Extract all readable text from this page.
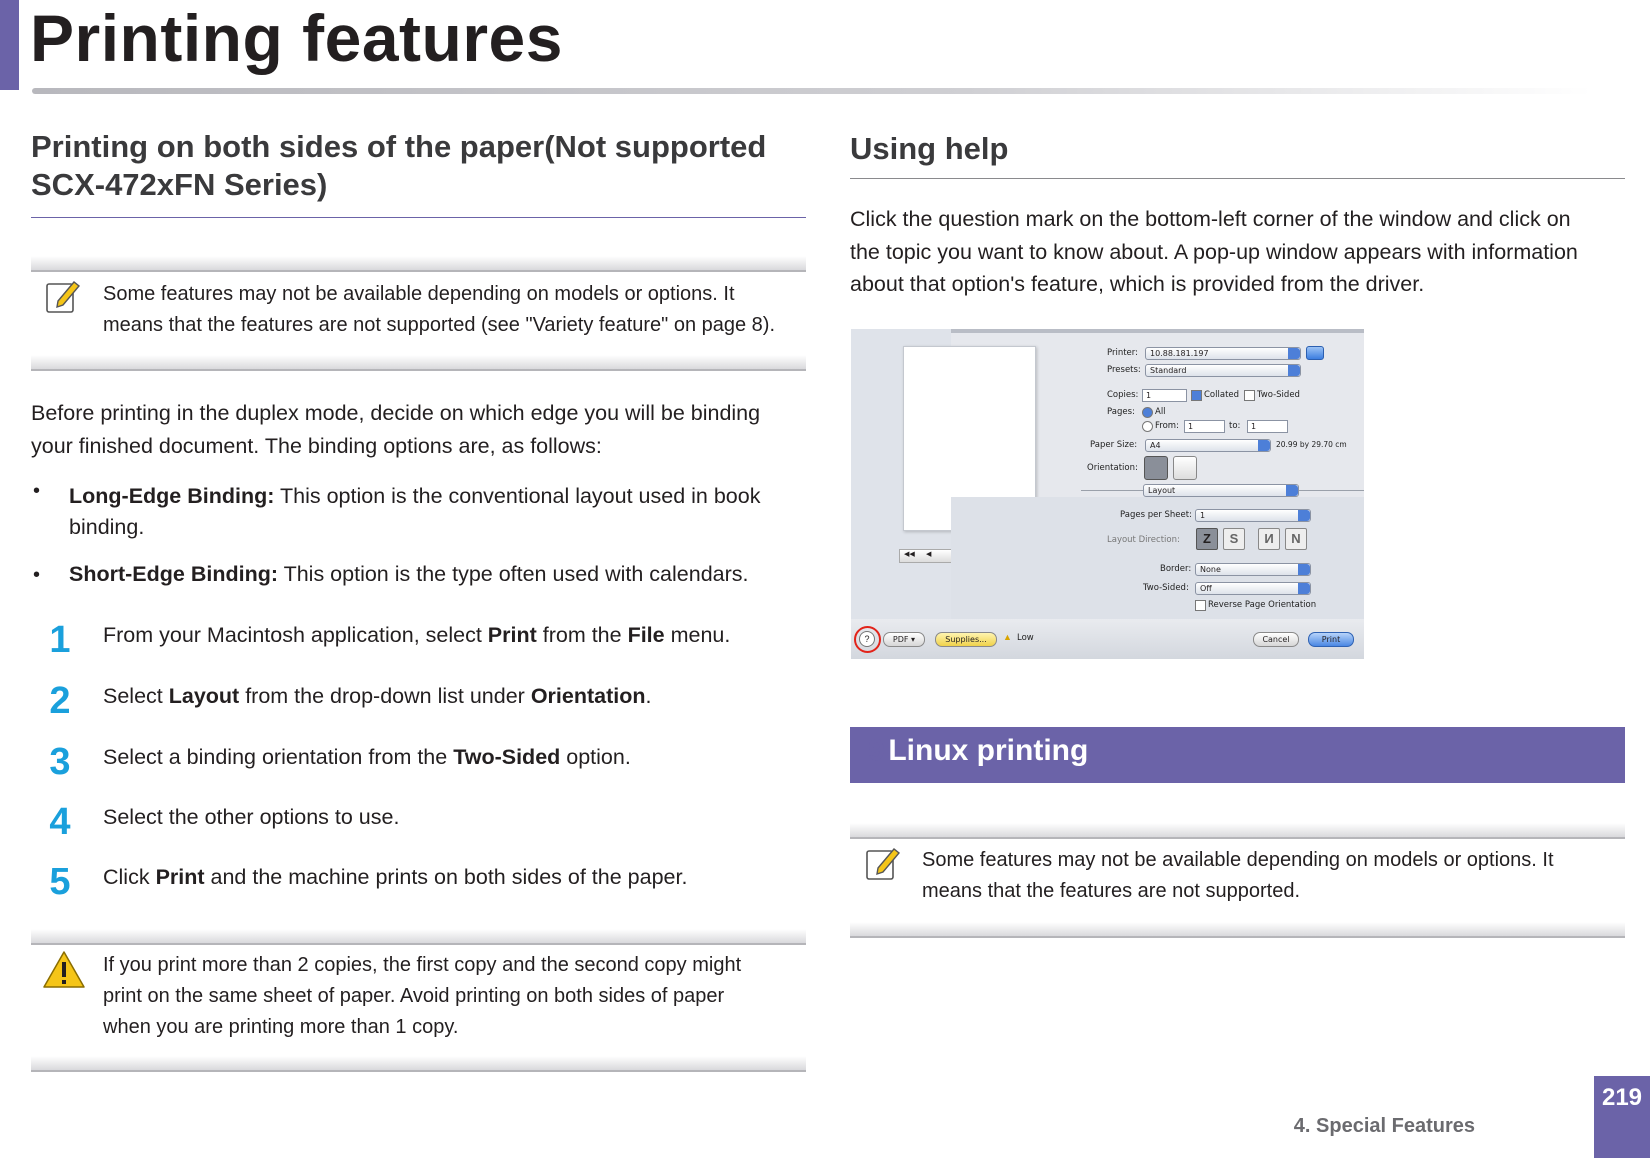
Printing features
Printing on both sides of the paper(Not supported
SCX-472xFN Series)
Some features may not be available depending on models or options. It
means that the features are not supported (see "Variety feature" on page 8).
Before printing in the duplex mode, decide on which edge you will be binding
your finished document. The binding options are, as follows:
• Long-Edge Binding: This option is the conventional layout used in book
binding.
• Short-Edge Binding: This option is the type often used with calendars.
1 From your Macintosh application, select Print from the File menu.
2 Select Layout from the drop-down list under Orientation.
3 Select a binding orientation from the Two-Sided option.
4 Select the other options to use.
5 Click Print and the machine prints on both sides of the paper.
If you print more than 2 copies, the first copy and the second copy might
print on the same sheet of paper. Avoid printing on both sides of paper
when you are printing more than 1 copy.
Using help
Click the question mark on the bottom-left corner of the window and click on
the topic you want to know about. A pop-up window appears with information
about that option's feature, which is provided from the driver.
◀◀ ◀
Printer:	10.88.181.197
Presets:	Standard
Copies: 1	Collated Two-Sided
Pages: All
From:	1	to:	1
Paper Size:	A4	20.99 by 29.70 cm
Orientation:
Layout
Pages per Sheet:	1
Layout Direction:	Z	S	И	N
Border:	None
Two-Sided:	Off
Reverse Page Orientation
?	PDF ▾	Supplies...	▲ Low	Cancel	Print
9 Linux printing
Some features may not be available depending on models or options. It
means that the features are not supported.
4. Special Features
219
